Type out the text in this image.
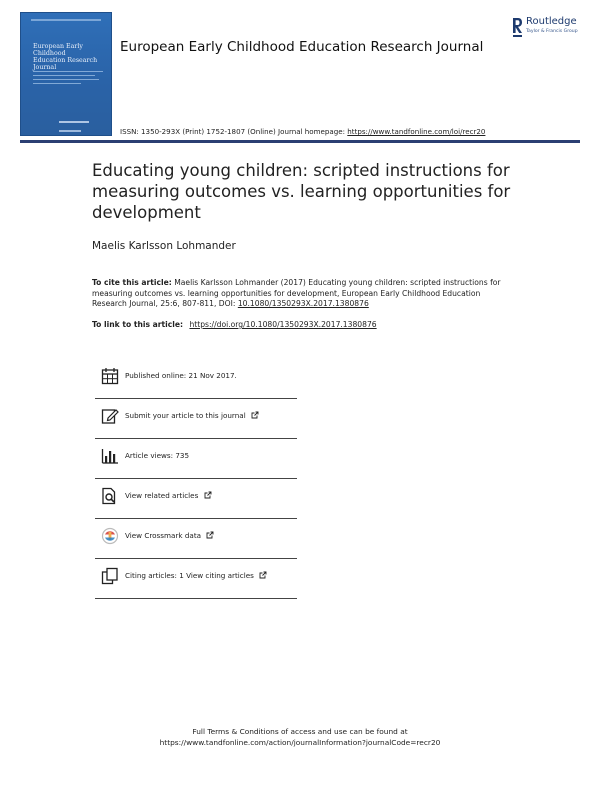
European Early Childhood
Education Research Journal
European Early Childhood Education Research Journal
Routledge
Taylor & Francis Group
ISSN: 1350-293X (Print) 1752-1807 (Online) Journal homepage: https://www.tandfonline.com/loi/recr20
Educating young children: scripted instructions for measuring outcomes vs. learning opportunities for development
Maelis Karlsson Lohmander
To cite this article: Maelis Karlsson Lohmander (2017) Educating young children: scripted instructions for measuring outcomes vs. learning opportunities for development, European Early Childhood Education Research Journal, 25:6, 807-811, DOI: 10.1080/1350293X.2017.1380876
To link to this article: https://doi.org/10.1080/1350293X.2017.1380876
Published online: 21 Nov 2017.
Submit your article to this journal
Article views: 735
View related articles
View Crossmark data
Citing articles: 1 View citing articles
Full Terms & Conditions of access and use can be found at
https://www.tandfonline.com/action/journalInformation?journalCode=recr20
